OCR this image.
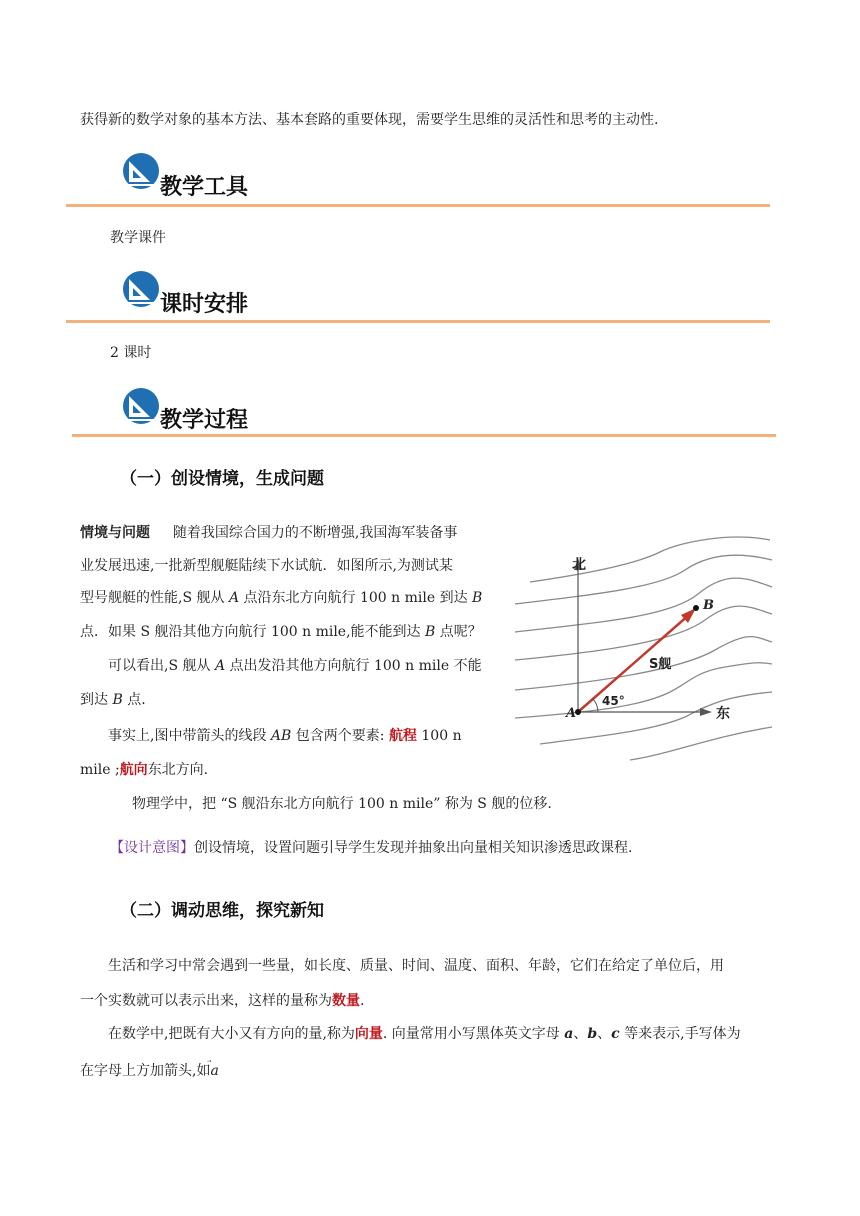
获得新的数学对象的基本方法、基本套路的重要体现，需要学生思维的灵活性和思考的主动性.
教学工具
教学课件
课时安排
2 课时
教学过程
（一）创设情境，生成问题
情境与问题 随着我国综合国力的不断增强,我国海军装备事
业发展迅速,一批新型舰艇陆续下水试航．如图所示,为测试某
型号舰艇的性能,S 舰从 A 点沿东北方向航行 100 n mile 到达 B
点．如果 S 舰沿其他方向航行 100 n mile,能不能到达 B 点呢？
可以看出,S 舰从 A 点出发沿其他方向航行 100 n mile 不能
到达 B 点.
事实上,图中带箭头的线段 AB 包含两个要素: 航程 100 n
mile ;航向东北方向.
物理学中，把 “S 舰沿东北方向航行 100 n mile” 称为 S 舰的位移.
【设计意图】创设情境，设置问题引导学生发现并抽象出向量相关知识渗透思政课程.
北
东
A
B
S舰
45°
（二）调动思维，探究新知
生活和学习中常会遇到一些量，如长度、质量、时间、温度、面积、年龄，它们在给定了单位后，用
一个实数就可以表示出来，这样的量称为数量.
在数学中,把既有大小又有方向的量,称为向量. 向量常用小写黑体英文字母 a、b、c 等来表示,手写体为
在字母上方加箭头,如
a
